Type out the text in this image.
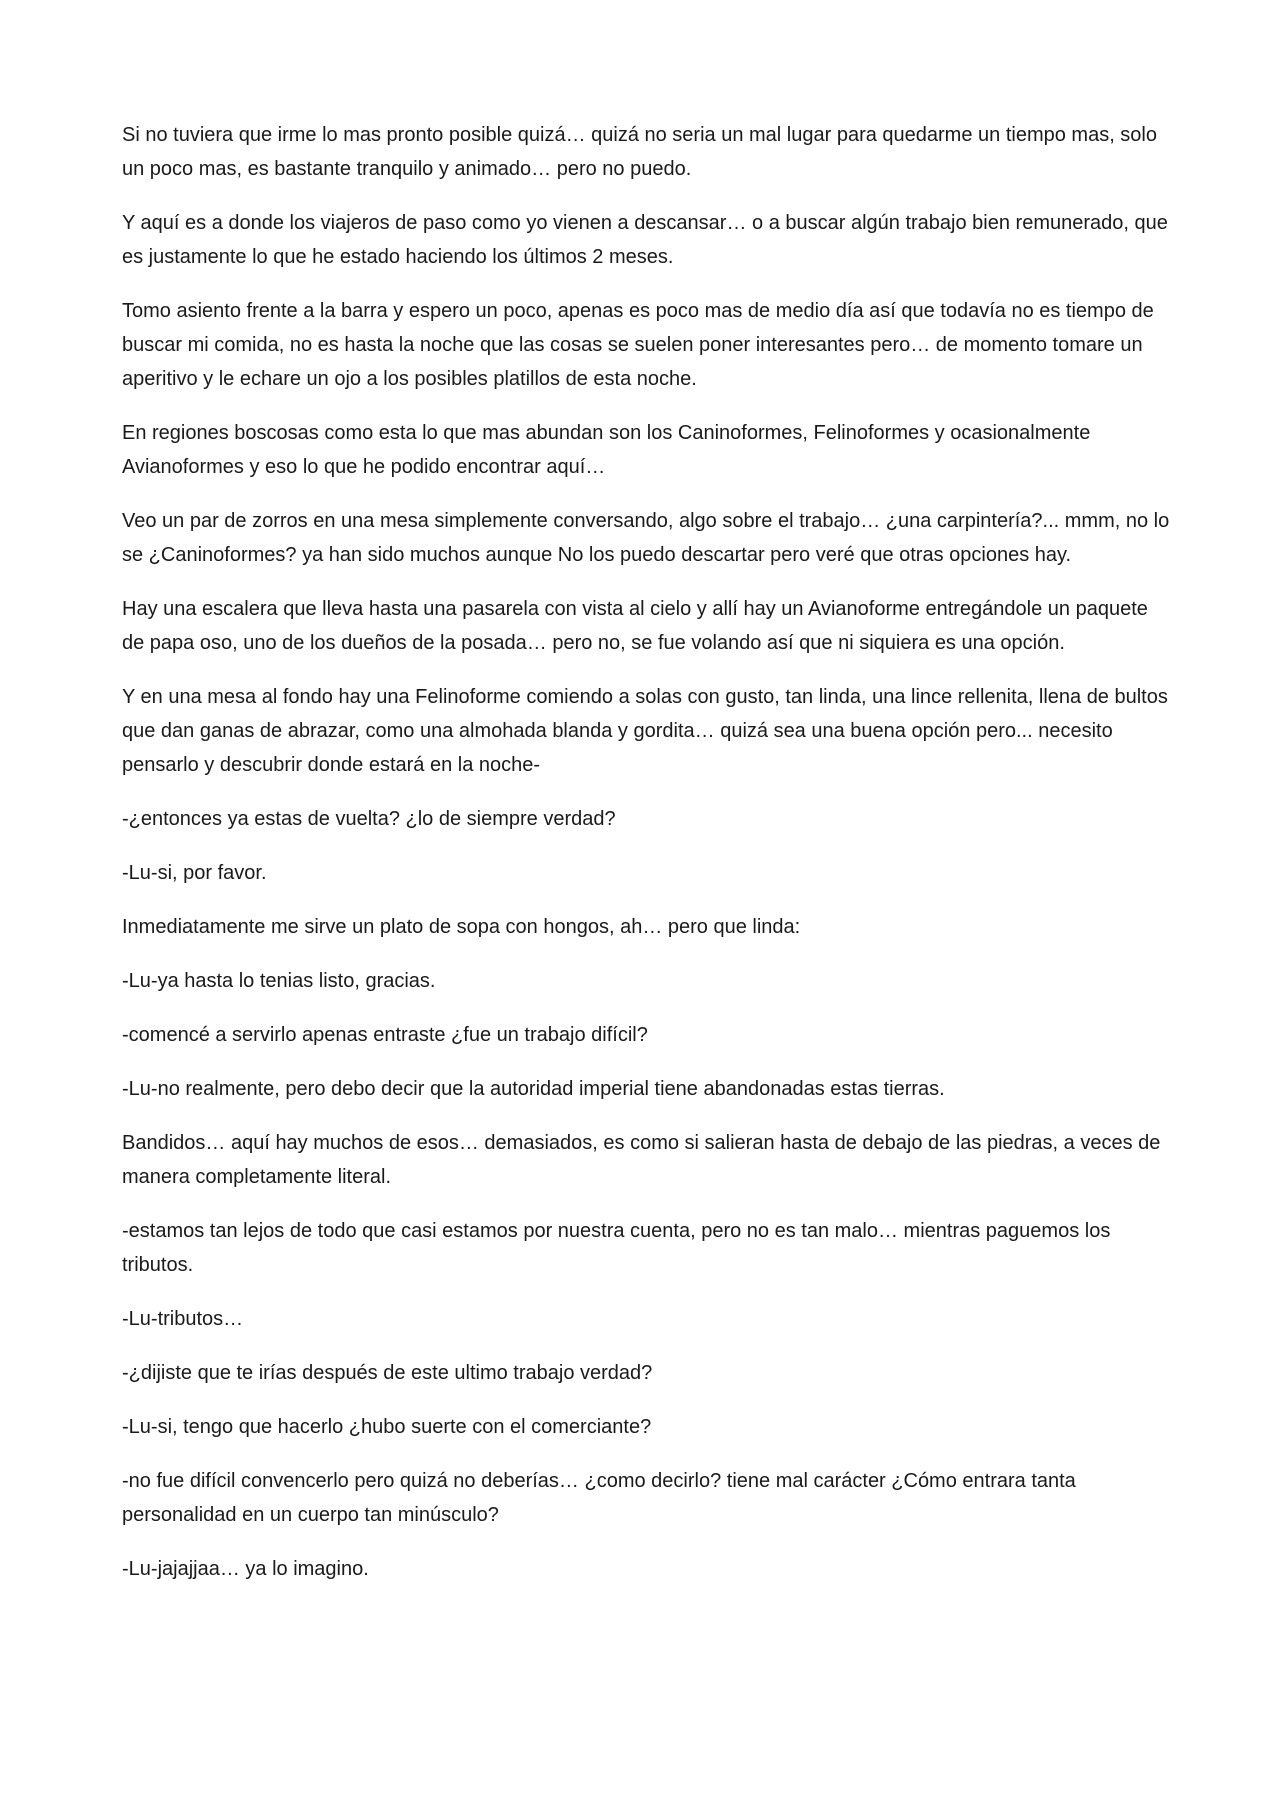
Si no tuviera que irme lo mas pronto posible quizá… quizá no seria un mal lugar para quedarme un tiempo mas, solo un poco mas, es bastante tranquilo y animado… pero no puedo.

Y aquí es a donde los viajeros de paso como yo vienen a descansar… o a buscar algún trabajo bien remunerado, que es justamente lo que he estado haciendo los últimos 2 meses.

Tomo asiento frente a la barra y espero un poco, apenas es poco mas de medio día así que todavía no es tiempo de buscar mi comida, no es hasta la noche que las cosas se suelen poner interesantes pero… de momento tomare un aperitivo y le echare un ojo a los posibles platillos de esta noche.

En regiones boscosas como esta lo que mas abundan son los Caninoformes, Felinoformes y ocasionalmente Avianoformes y eso lo que he podido encontrar aquí…

Veo un par de zorros en una mesa simplemente conversando, algo sobre el trabajo… ¿una carpintería?... mmm, no lo se ¿Caninoformes? ya han sido muchos aunque No los puedo descartar pero veré que otras opciones hay.

Hay una escalera que lleva hasta una pasarela con vista al cielo y allí hay un Avianoforme entregándole un paquete de papa oso, uno de los dueños de la posada… pero no, se fue volando así que ni siquiera es una opción.

Y en una mesa al fondo hay una Felinoforme comiendo a solas con gusto, tan linda, una lince rellenita, llena de bultos que dan ganas de abrazar, como una almohada blanda y gordita… quizá sea una buena opción pero... necesito pensarlo y descubrir donde estará en la noche-

-¿entonces ya estas de vuelta? ¿lo de siempre verdad?

-Lu-si, por favor.

Inmediatamente me sirve un plato de sopa con hongos, ah… pero que linda:

-Lu-ya hasta lo tenias listo, gracias.

-comencé a servirlo apenas entraste ¿fue un trabajo difícil?

-Lu-no realmente, pero debo decir que la autoridad imperial tiene abandonadas estas tierras.

Bandidos… aquí hay muchos de esos… demasiados, es como si salieran hasta de debajo de las piedras, a veces de manera completamente literal.

-estamos tan lejos de todo que casi estamos por nuestra cuenta, pero no es tan malo… mientras paguemos los tributos.

-Lu-tributos…

-¿dijiste que te irías después de este ultimo trabajo verdad?

-Lu-si, tengo que hacerlo ¿hubo suerte con el comerciante?

-no fue difícil convencerlo pero quizá no deberías… ¿como decirlo? tiene mal carácter ¿Cómo entrara tanta personalidad en un cuerpo tan minúsculo?

-Lu-jajajjaa… ya lo imagino.
